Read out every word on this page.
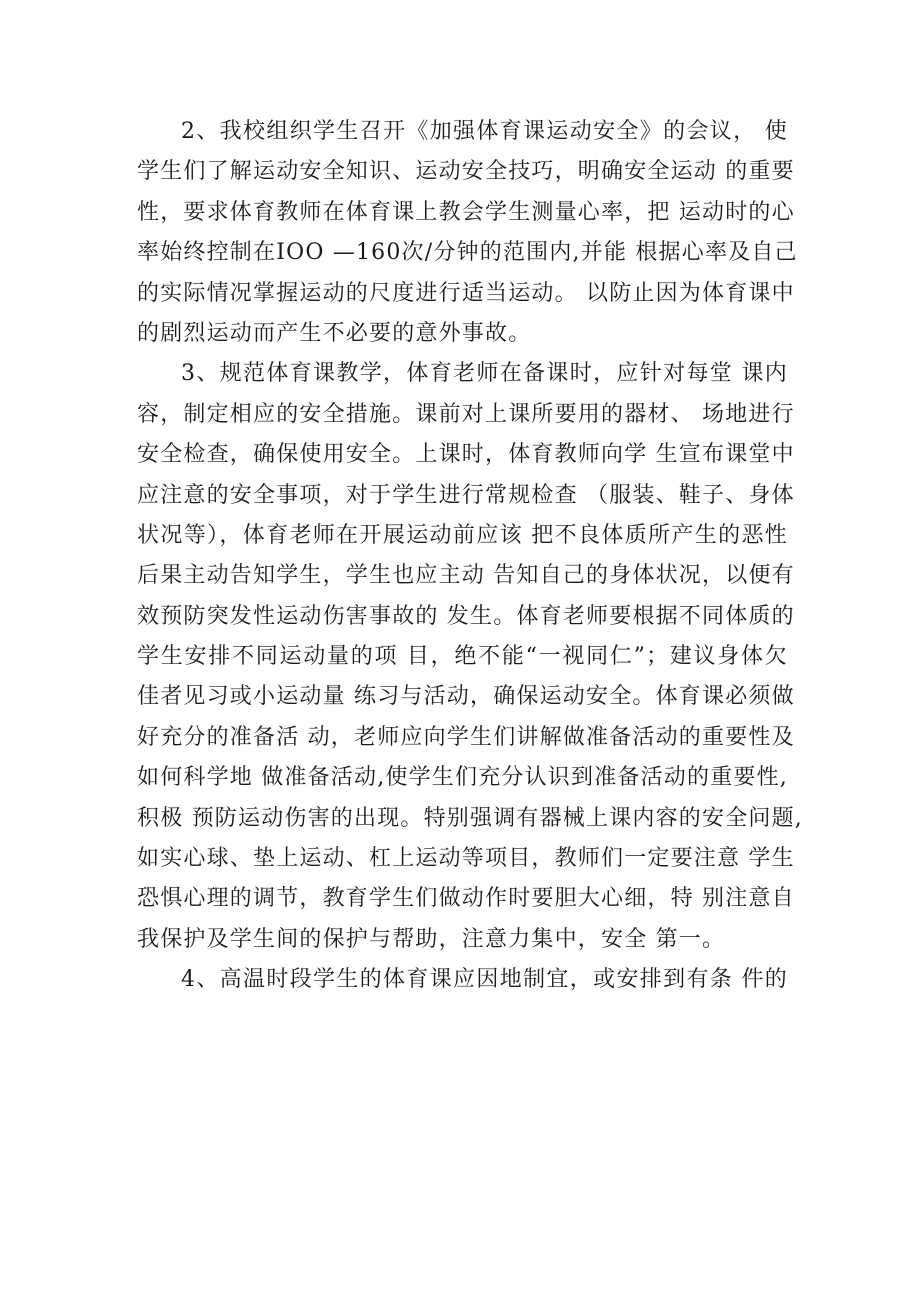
2、我校组织学生召开《加强体育课运动安全》的会议， 使
学生们了解运动安全知识、运动安全技巧，明确安全运动 的重要
性，要求体育教师在体育课上教会学生测量心率，把 运动时的心
率始终控制在IOO —160次/分钟的范围内,并能 根据心率及自己
的实际情况掌握运动的尺度进行适当运动。 以防止因为体育课中
的剧烈运动而产生不必要的意外事故。
3、规范体育课教学，体育老师在备课时，应针对每堂 课内
容，制定相应的安全措施。课前对上课所要用的器材、 场地进行
安全检查，确保使用安全。上课时，体育教师向学 生宣布课堂中
应注意的安全事项，对于学生进行常规检查 （服装、鞋子、身体
状况等），体育老师在开展运动前应该 把不良体质所产生的恶性
后果主动告知学生，学生也应主动 告知自己的身体状况，以便有
效预防突发性运动伤害事故的 发生。体育老师要根据不同体质的
学生安排不同运动量的项 目，绝不能“一视同仁”；建议身体欠
佳者见习或小运动量 练习与活动，确保运动安全。体育课必须做
好充分的准备活 动，老师应向学生们讲解做准备活动的重要性及
如何科学地 做准备活动,使学生们充分认识到准备活动的重要性,
积极 预防运动伤害的出现。特别强调有器械上课内容的安全问题,
如实心球、垫上运动、杠上运动等项目，教师们一定要注意 学生
恐惧心理的调节，教育学生们做动作时要胆大心细，特 别注意自
我保护及学生间的保护与帮助，注意力集中，安全 第一。
4、高温时段学生的体育课应因地制宜，或安排到有条 件的
